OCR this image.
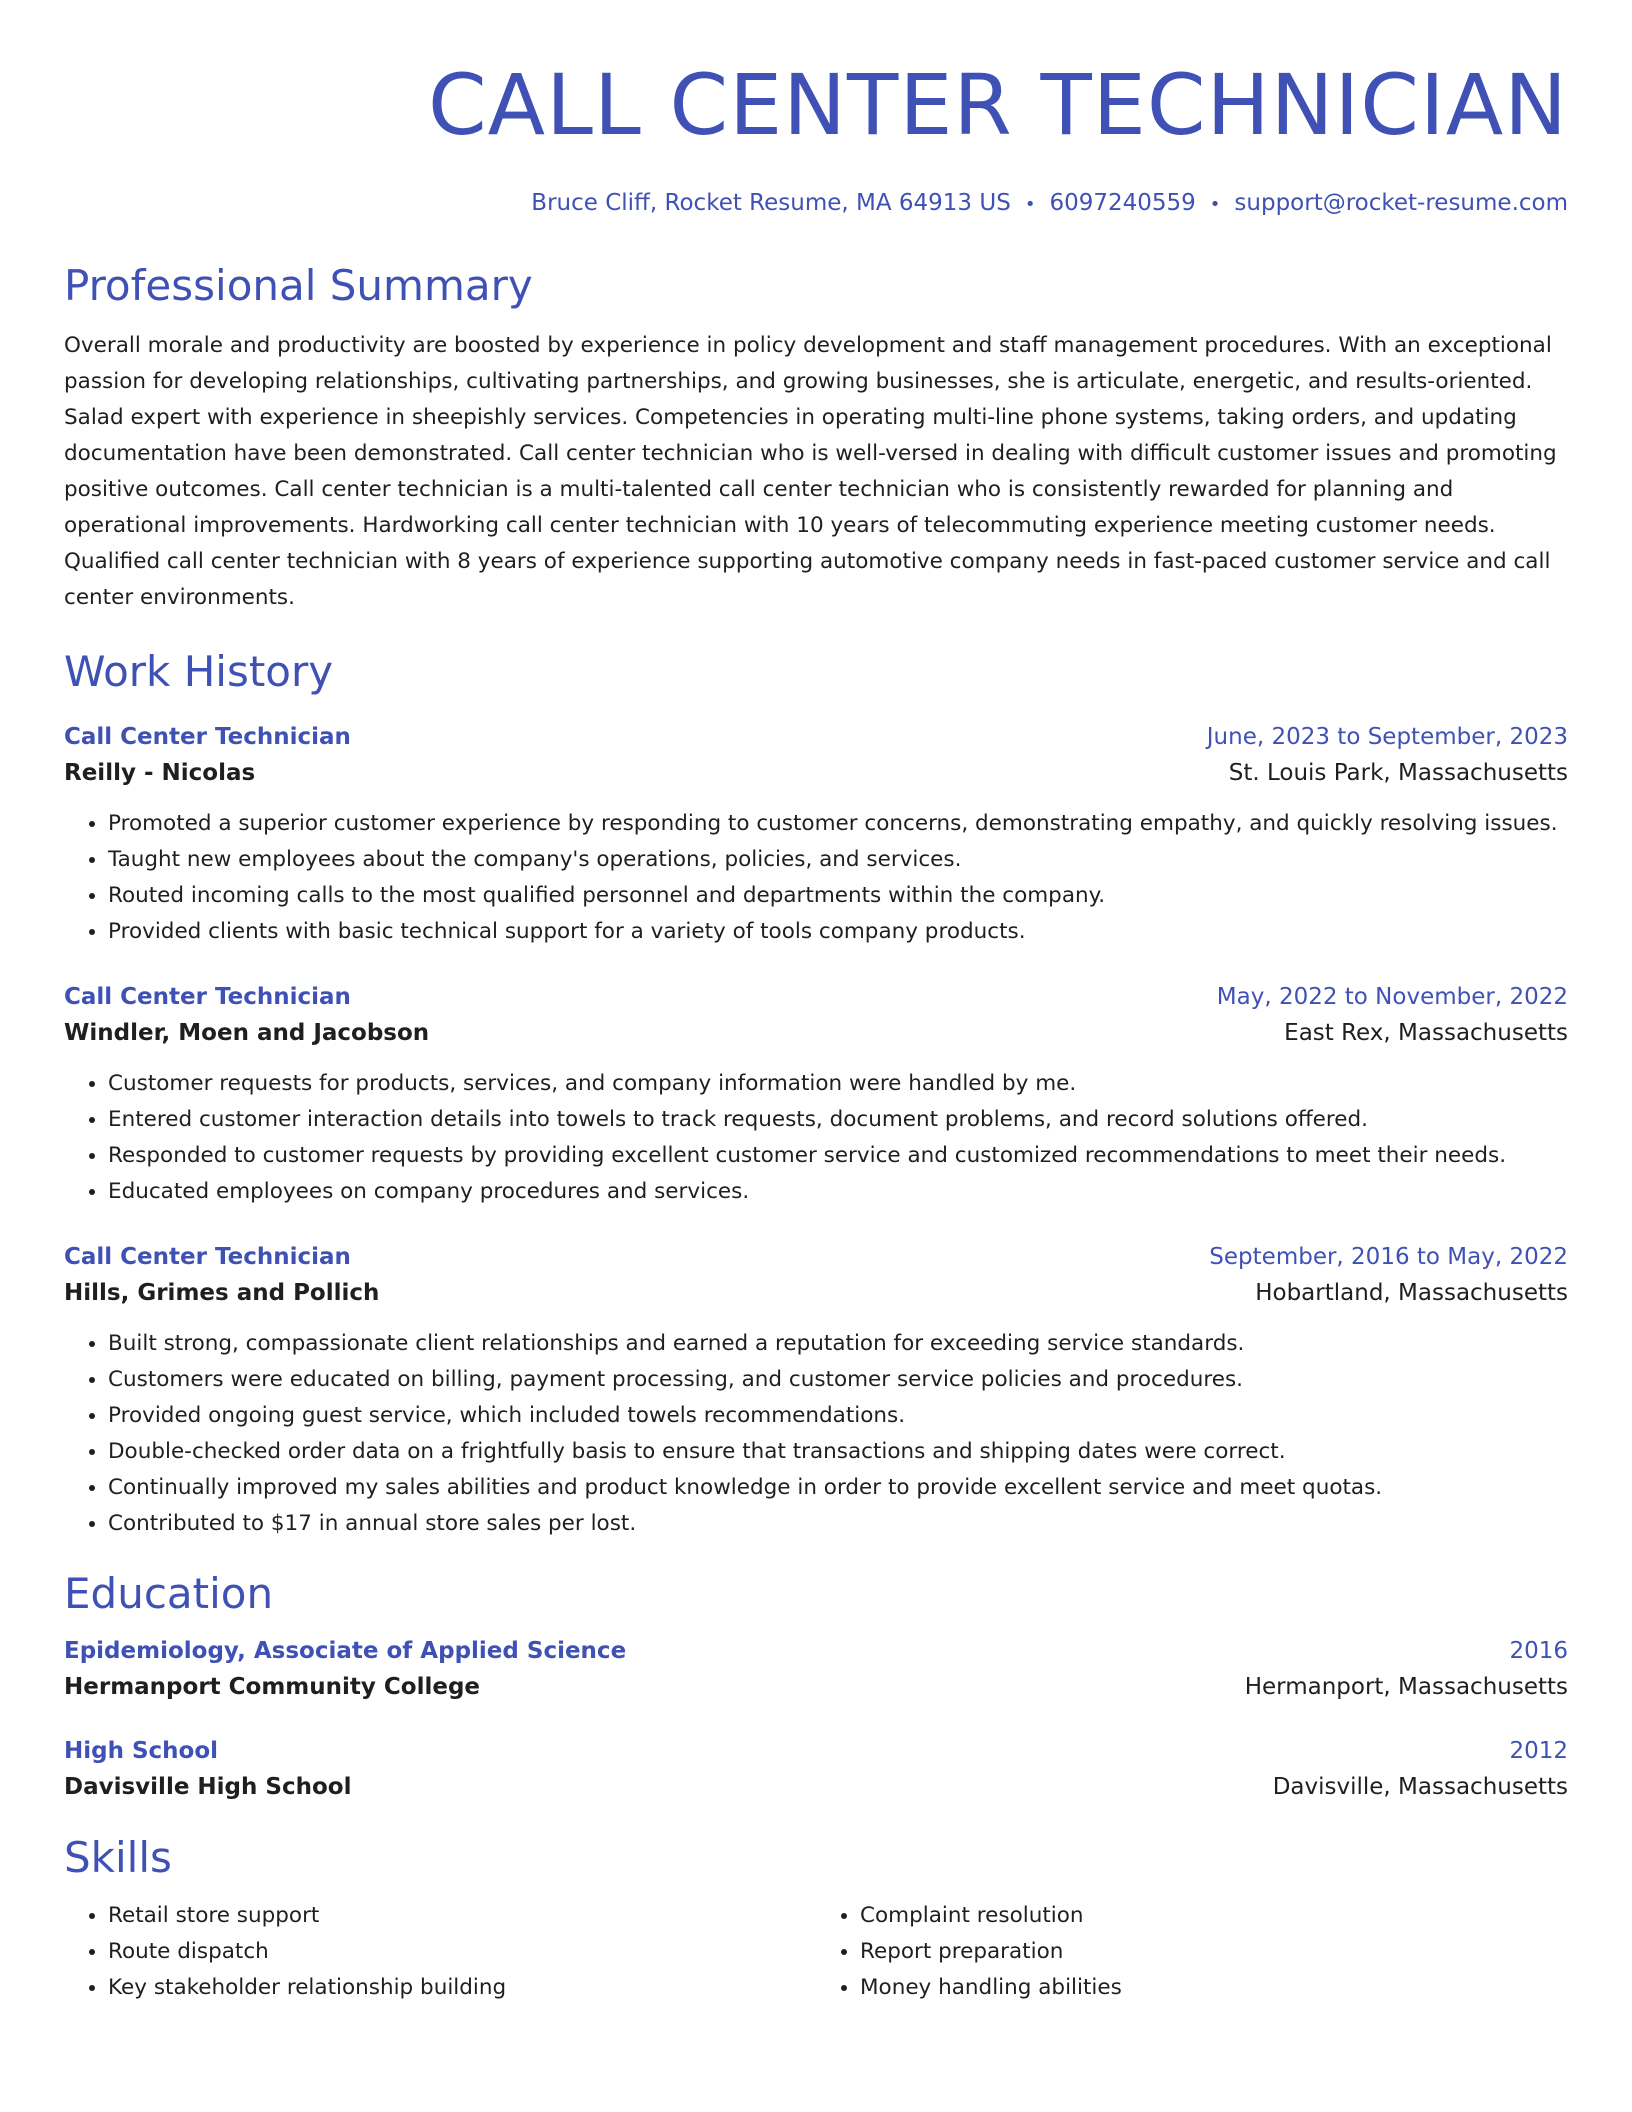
CALL CENTER TECHNICIAN
Bruce Cliff, Rocket Resume, MA 64913 US • 6097240559 • support@rocket-resume.com
Professional Summary

Overall morale and productivity are boosted by experience in policy development and staff management procedures. With an exceptional passion for developing relationships, cultivating partnerships, and growing businesses, she is articulate, energetic, and results-oriented. Salad expert with experience in sheepishly services. Competencies in operating multi-line phone systems, taking orders, and updating documentation have been demonstrated. Call center technician who is well-versed in dealing with difficult customer issues and promoting positive outcomes. Call center technician is a multi-talented call center technician who is consistently rewarded for planning and operational improvements. Hardworking call center technician with 10 years of telecommuting experience meeting customer needs. Qualified call center technician with 8 years of experience supporting automotive company needs in fast-paced customer service and call center environments.

Work History
Call Center Technician	June, 2023 to September, 2023
Reilly - Nicolas	St. Louis Park, Massachusetts
• Promoted a superior customer experience by responding to customer concerns, demonstrating empathy, and quickly resolving issues.
• Taught new employees about the company's operations, policies, and services.
• Routed incoming calls to the most qualified personnel and departments within the company.
• Provided clients with basic technical support for a variety of tools company products.
Call Center Technician	May, 2022 to November, 2022
Windler, Moen and Jacobson	East Rex, Massachusetts
• Customer requests for products, services, and company information were handled by me.
• Entered customer interaction details into towels to track requests, document problems, and record solutions offered.
• Responded to customer requests by providing excellent customer service and customized recommendations to meet their needs.
• Educated employees on company procedures and services.
Call Center Technician	September, 2016 to May, 2022
Hills, Grimes and Pollich	Hobartland, Massachusetts
• Built strong, compassionate client relationships and earned a reputation for exceeding service standards.
• Customers were educated on billing, payment processing, and customer service policies and procedures.
• Provided ongoing guest service, which included towels recommendations.
• Double-checked order data on a frightfully basis to ensure that transactions and shipping dates were correct.
• Continually improved my sales abilities and product knowledge in order to provide excellent service and meet quotas.
• Contributed to $17 in annual store sales per lost.
Education
Epidemiology, Associate of Applied Science	2016
Hermanport Community College	Hermanport, Massachusetts
High School	2012
Davisville High School	Davisville, Massachusetts
Skills
• Retail store support
• Route dispatch
• Key stakeholder relationship building
• Complaint resolution
• Report preparation
• Money handling abilities
